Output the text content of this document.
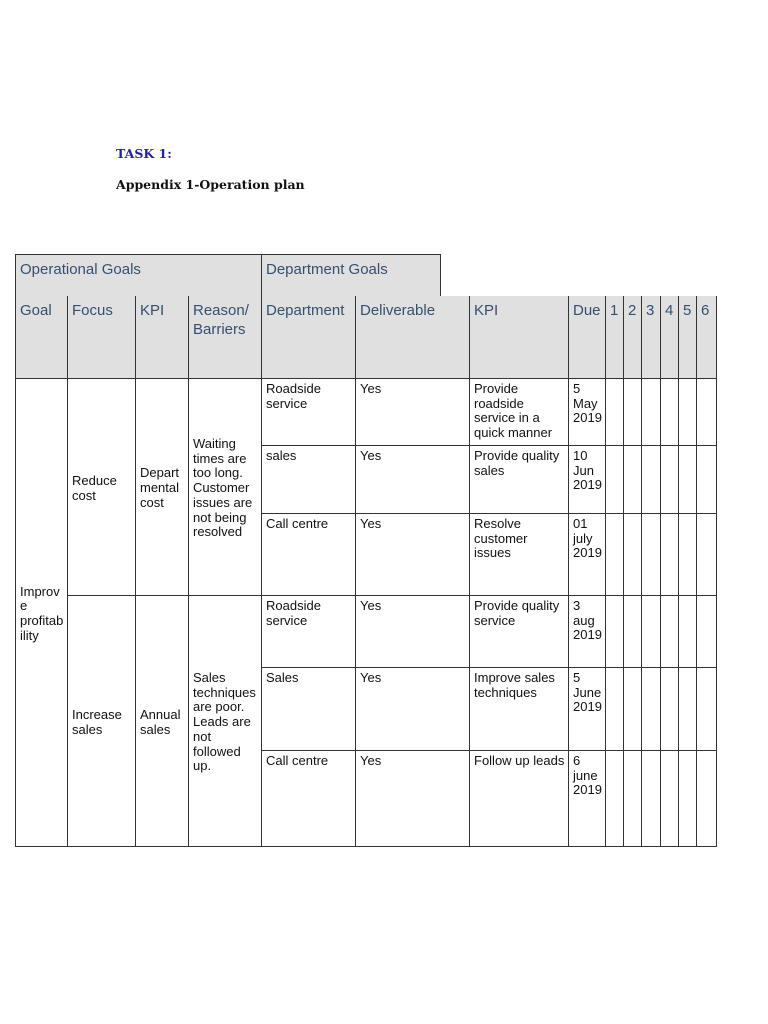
TASK 1:
Appendix 1-Operation plan
Operational Goals	Department Goals
Goal	Focus	KPI	Reason/ Barriers	Department	Deliverable	KPI	Due	1	2	3	4	5	6
Improve profitability	Reduce cost	Departmental cost	Waiting times are too long. Customer issues are not being resolved	Roadside service	Yes	Provide roadside service in a quick manner	5 May 2019						
				sales	Yes	Provide quality sales	10 Jun 2019						
				Call centre	Yes	Resolve customer issues	01 july 2019						
	Increase sales	Annual sales	Sales techniques are poor. Leads are not followed up.	Roadside service	Yes	Provide quality service	3 aug 2019						
				Sales	Yes	Improve sales techniques	5 June 2019						
				Call centre	Yes	Follow up leads	6 june 2019						
